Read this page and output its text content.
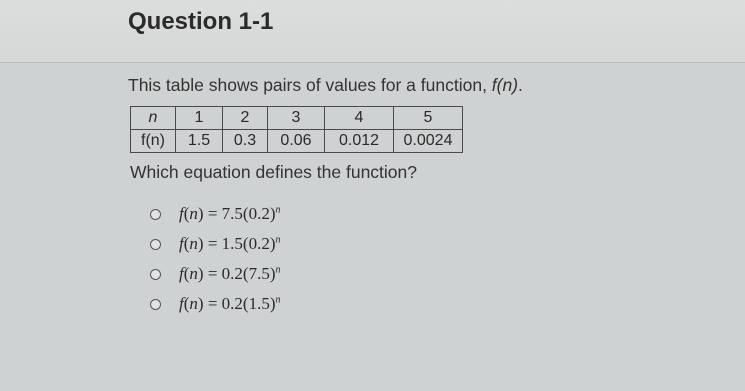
Question 1-1
This table shows pairs of values for a function, f(n).
n	1	2	3	4	5
f(n)	1.5	0.3	0.06	0.012	0.0024
Which equation defines the function?
$f(n) = 7.5(0.2)^n$
$f(n) = 1.5(0.2)^n$
$f(n) = 0.2(7.5)^n$
$f(n) = 0.2(1.5)^n$
